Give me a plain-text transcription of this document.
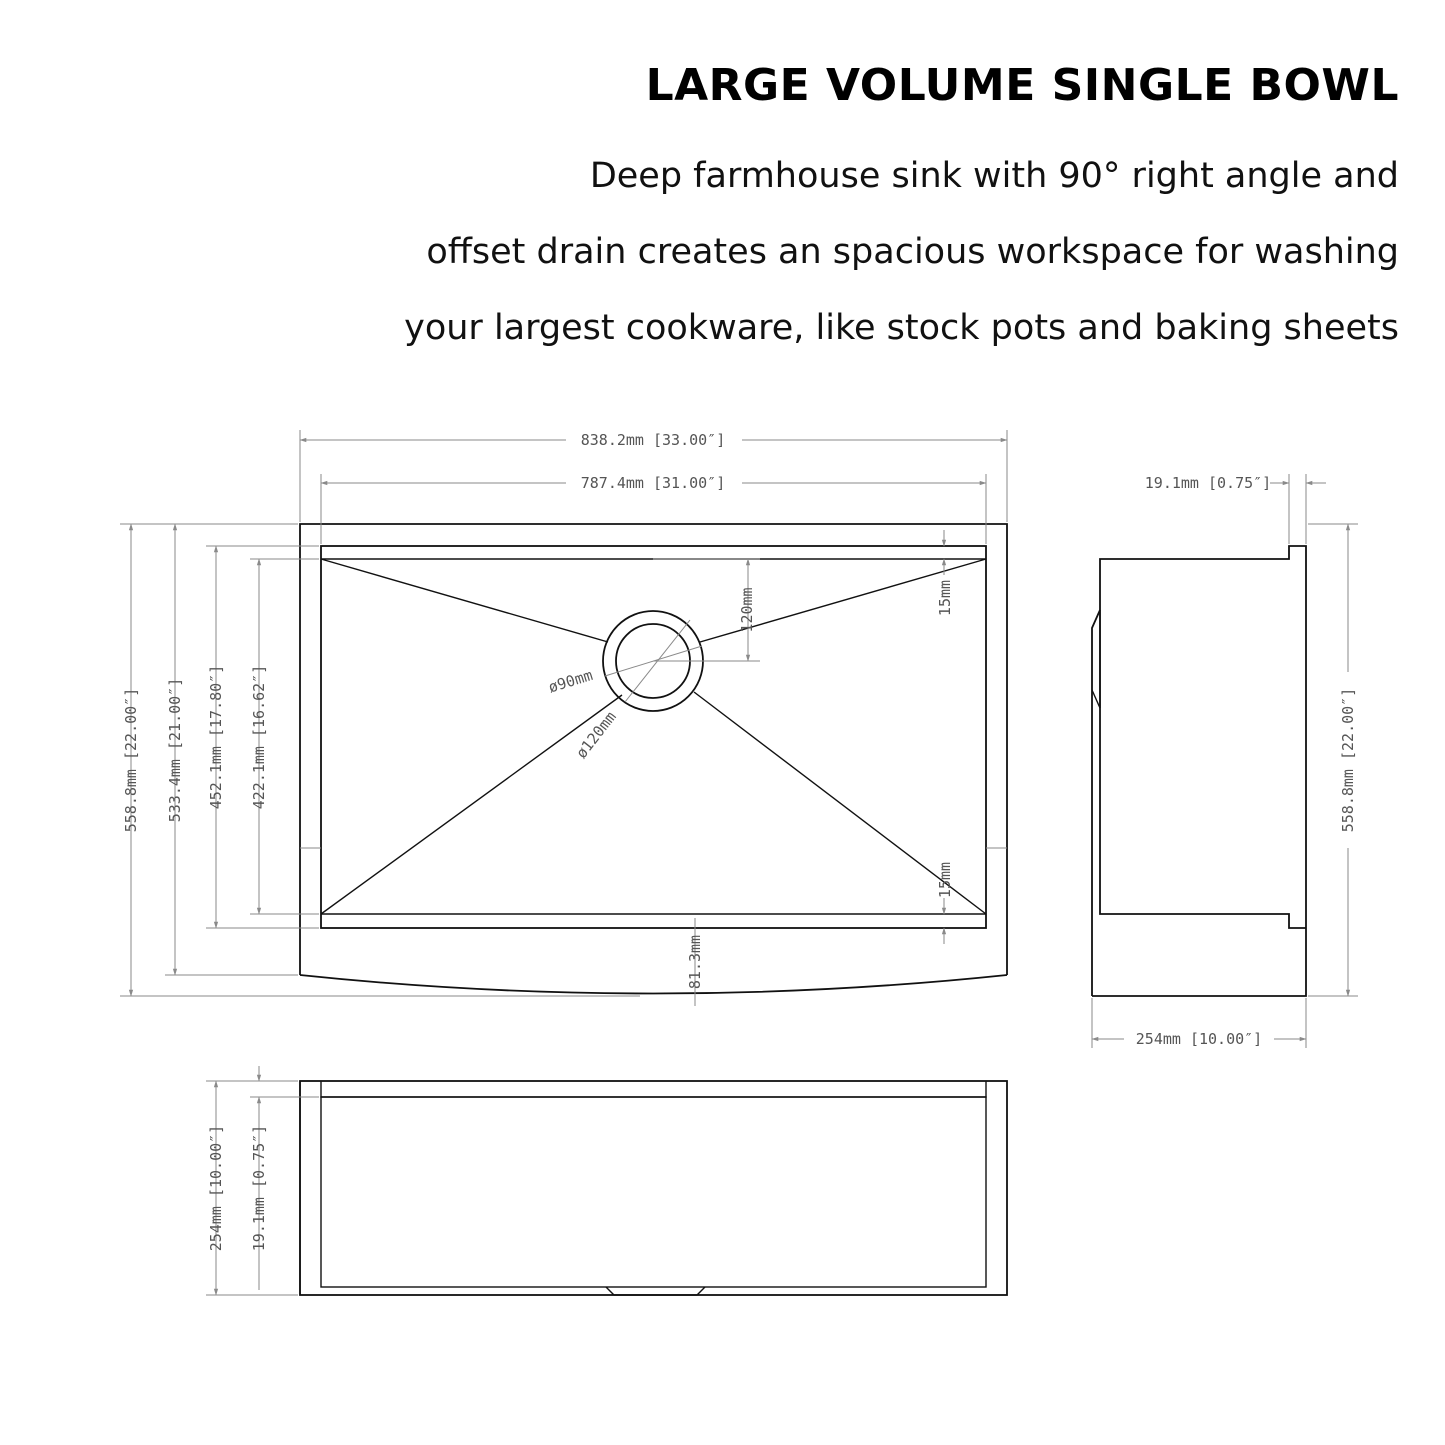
LARGE VOLUME SINGLE BOWL

Deep farmhouse sink with 90° right angle and

offset drain creates an spacious workspace for washing

your largest cookware, like stock pots and baking sheets

838.2mm [33.00″]
787.4mm [31.00″]
558.8mm [22.00″] 533.4mm [21.00″] 452.1mm [17.80″] 422.1mm [16.62″]
120mm
ø90mm
ø120mm
15mm
15mm
81.3mm
19.1mm [0.75″]
558.8mm [22.00″]
254mm [10.00″]
254mm [10.00″] 19.1mm [0.75″]
